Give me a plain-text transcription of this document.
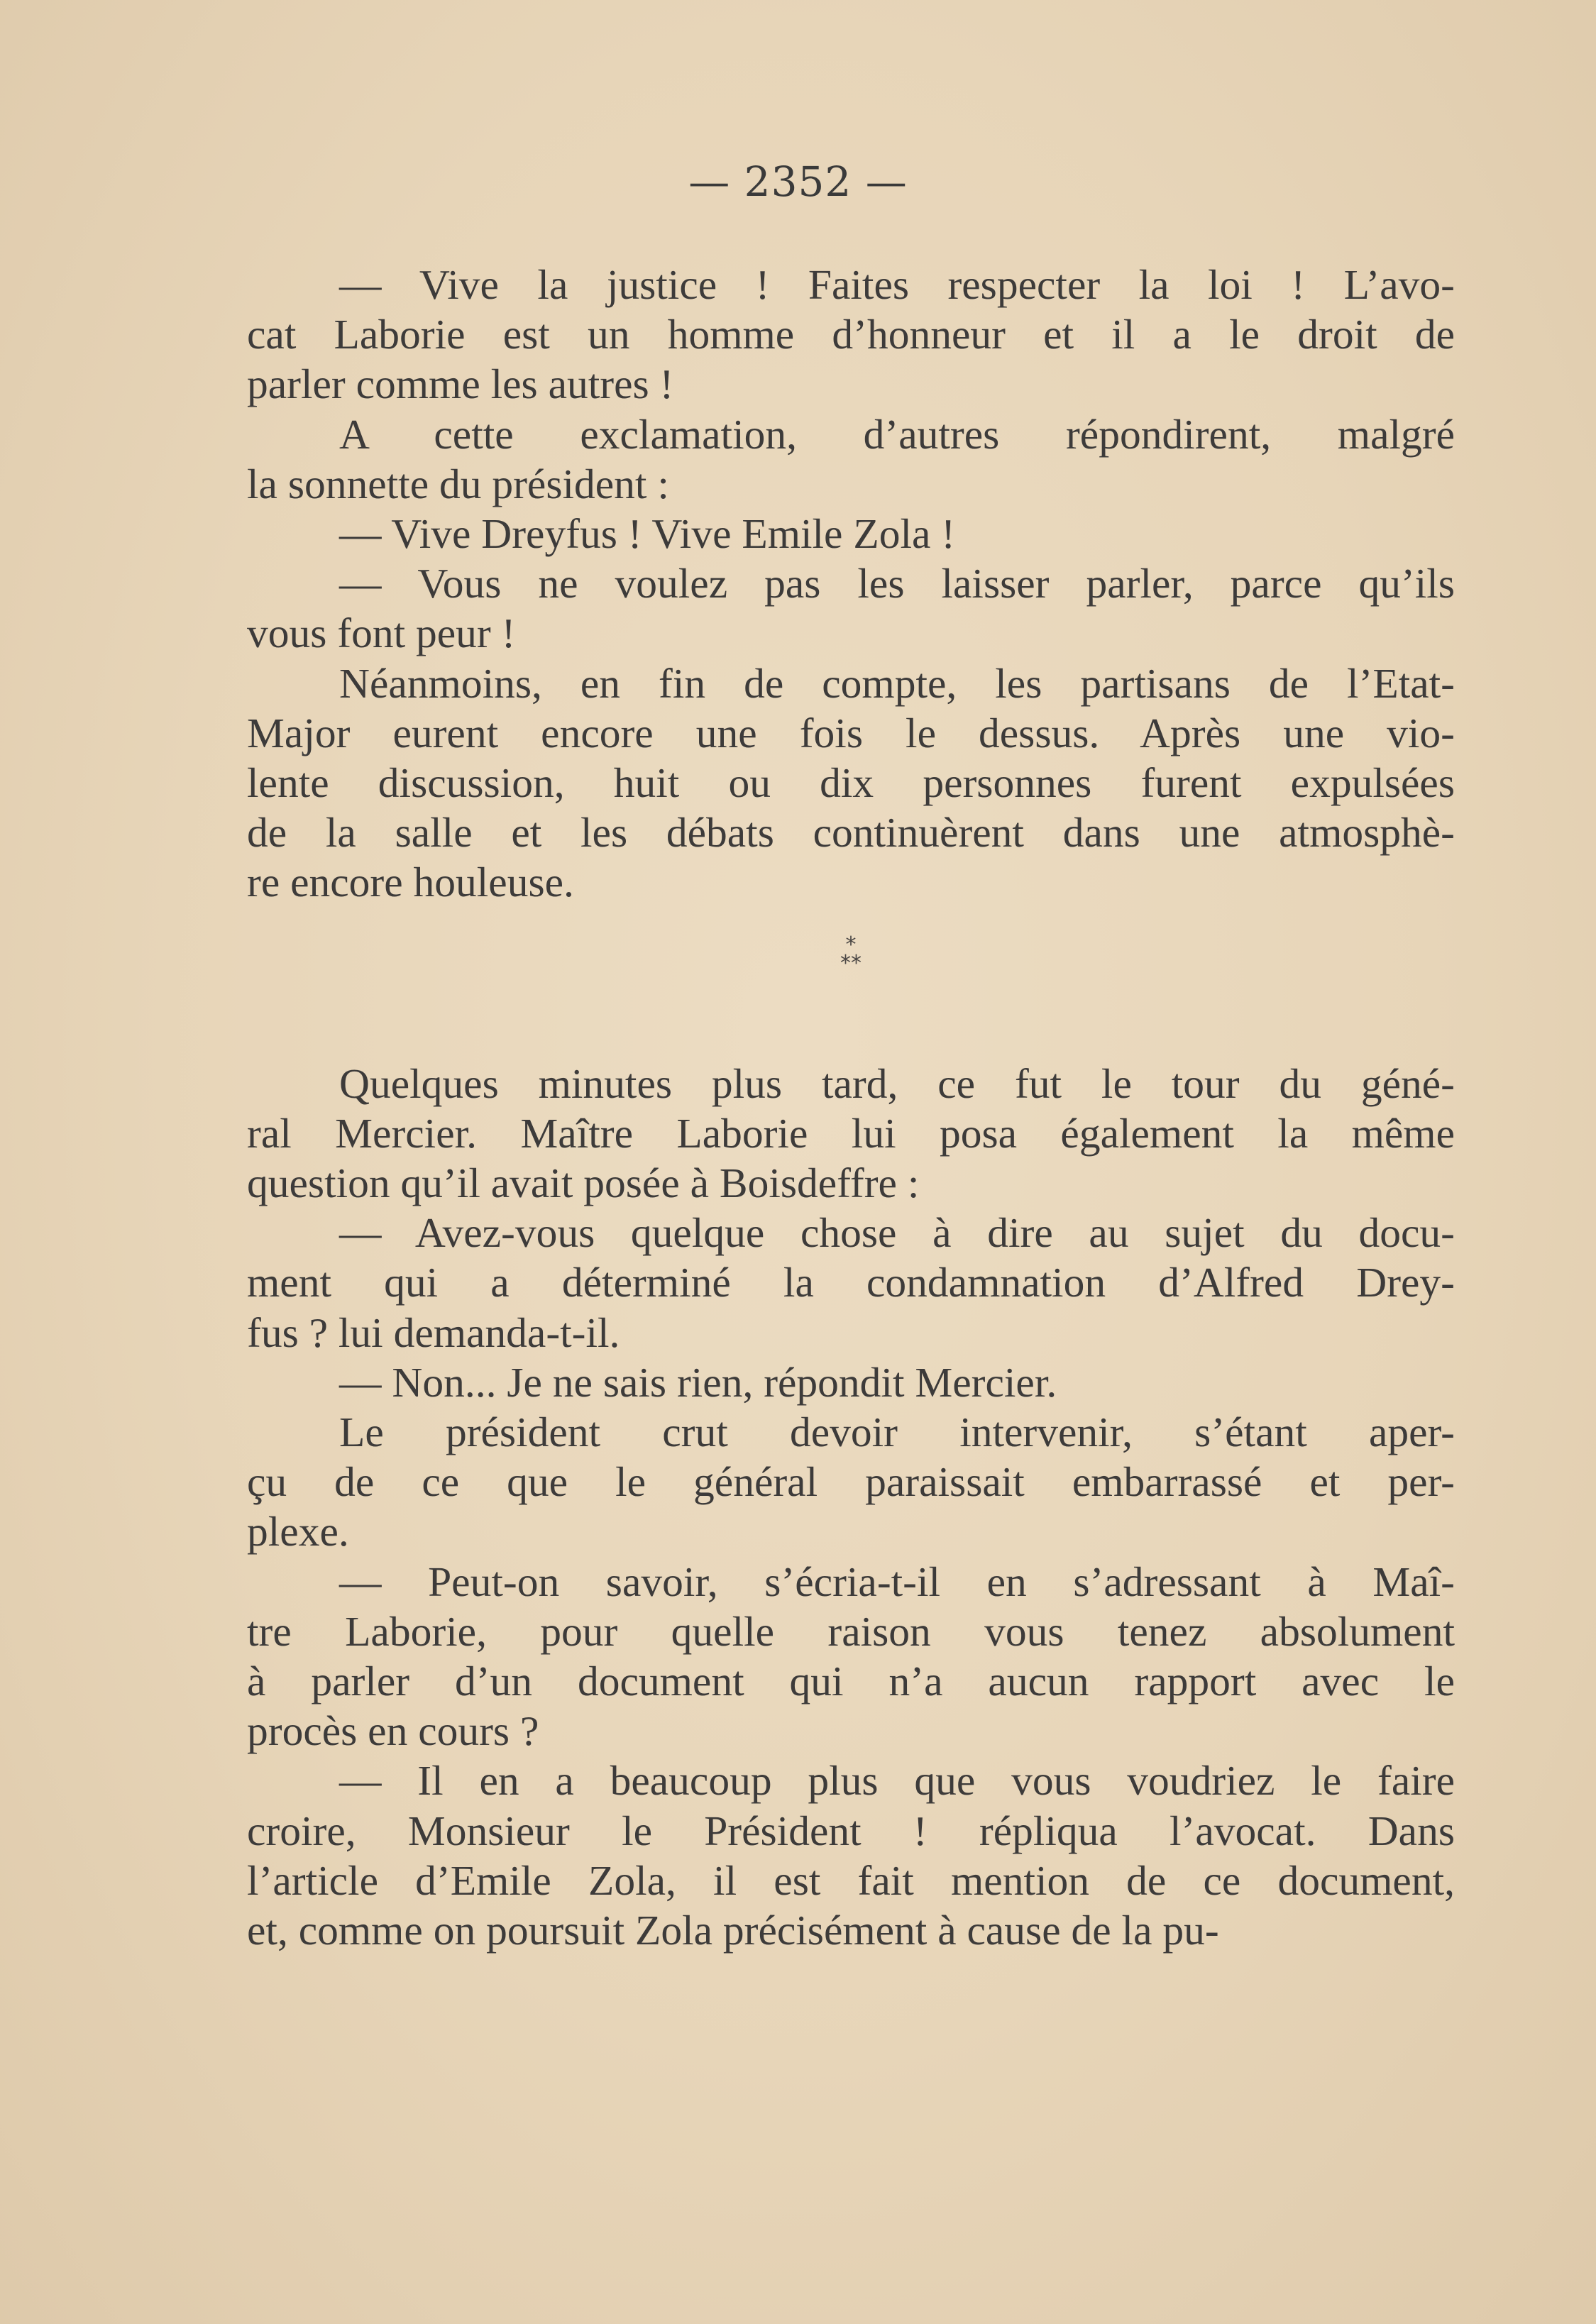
— 2352 —
— Vive la justice ! Faites respecter la loi ! L’avo-
cat Laborie est un homme d’honneur et il a le droit de
parler comme les autres !
A cette exclamation, d’autres répondirent, malgré
la sonnette du président :
— Vive Dreyfus ! Vive Emile Zola !
— Vous ne voulez pas les laisser parler, parce qu’ils
vous font peur !
Néanmoins, en fin de compte, les partisans de l’Etat-
Major eurent encore une fois le dessus. Après une vio-
lente discussion, huit ou dix personnes furent expulsées
de la salle et les débats continuèrent dans une atmosphè-
re encore houleuse.
*
**
Quelques minutes plus tard, ce fut le tour du géné-
ral Mercier. Maître Laborie lui posa également la même
question qu’il avait posée à Boisdeffre :
— Avez-vous quelque chose à dire au sujet du docu-
ment qui a déterminé la condamnation d’Alfred Drey-
fus ? lui demanda-t-il.
— Non... Je ne sais rien, répondit Mercier.
Le président crut devoir intervenir, s’étant aper-
çu de ce que le général paraissait embarrassé et per-
plexe.
— Peut-on savoir, s’écria-t-il en s’adressant à Maî-
tre Laborie, pour quelle raison vous tenez absolument
à parler d’un document qui n’a aucun rapport avec le
procès en cours ?
— Il en a beaucoup plus que vous voudriez le faire
croire, Monsieur le Président ! répliqua l’avocat. Dans
l’article d’Emile Zola, il est fait mention de ce document,
et, comme on poursuit Zola précisément à cause de la pu-
